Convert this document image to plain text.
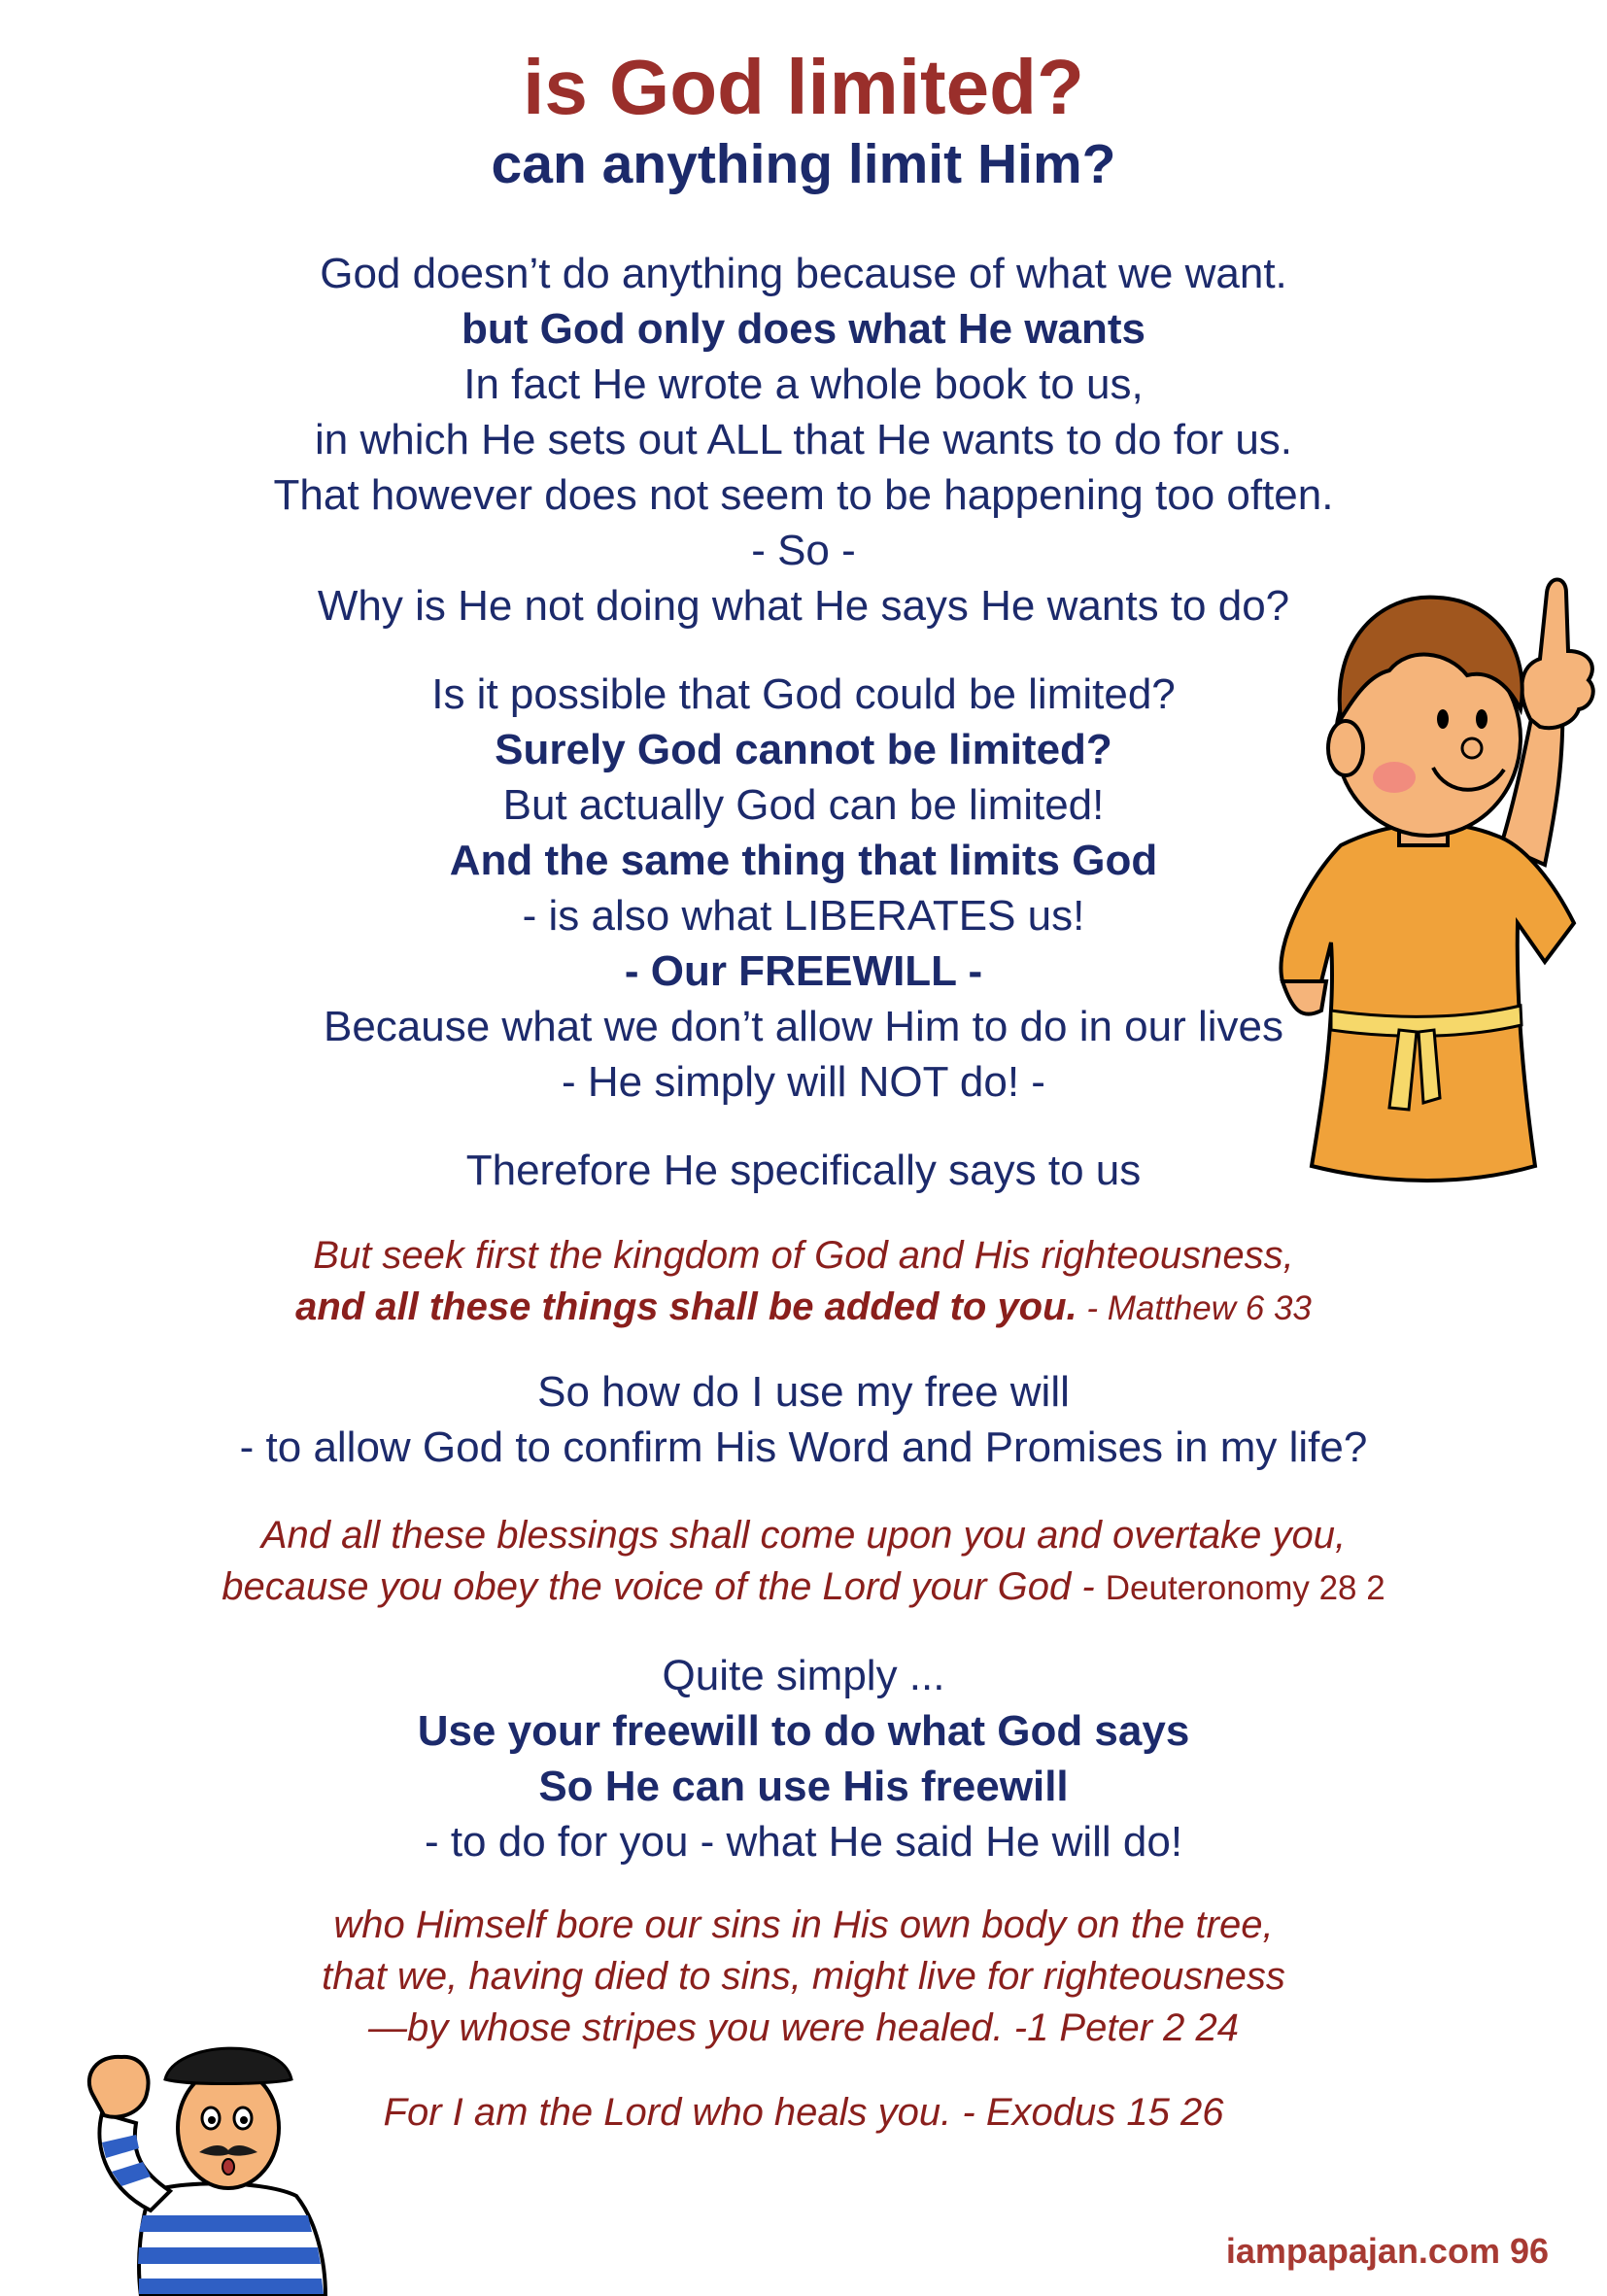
is God limited?
can anything limit Him?
God doesn’t do anything because of what we want.
but God only does what He wants
In fact He wrote a whole book to us,
in which He sets out ALL that He wants to do for us.
That however does not seem to be happening too often.
- So -
Why is He not doing what He says He wants to do?
Is it possible that God could be limited?
Surely God cannot be limited?
But actually God can be limited!
And the same thing that limits God
- is also what LIBERATES us!
- Our FREEWILL -
Because what we don’t allow Him to do in our lives
- He simply will NOT do! -
Therefore He specifically says to us
But seek first the kingdom of God and His righteousness,
and all these things shall be added to you. - Matthew 6 33
So how do I use my free will
- to allow God to confirm His Word and Promises in my life?
And all these blessings shall come upon you and overtake you,
because you obey the voice of the Lord your God - Deuteronomy 28 2
Quite simply ...
Use your freewill to do what God says
So He can use His freewill
- to do for you - what He said He will do!
who Himself bore our sins in His own body on the tree,
that we, having died to sins, might live for righteousness
—by whose stripes you were healed. -1 Peter 2 24
For I am the Lord who heals you. - Exodus 15 26
iampapajan.com 96
